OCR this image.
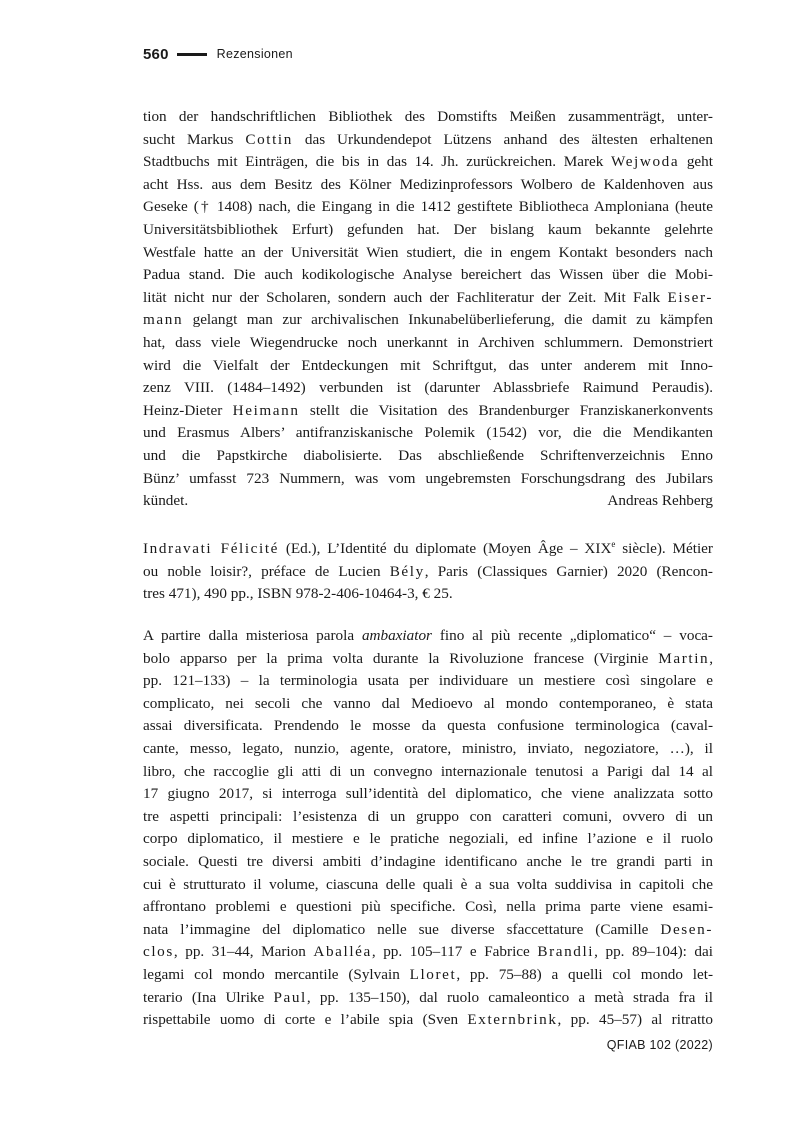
560	Rezensionen
tion der handschriftlichen Bibliothek des Domstifts Meißen zusammenträgt, unter-
sucht Markus Cottin das Urkundendepot Lützens anhand des ältesten erhaltenen
Stadtbuchs mit Einträgen, die bis in das 14. Jh. zurückreichen. Marek Wejwoda geht
acht Hss. aus dem Besitz des Kölner Medizinprofessors Wolbero de Kaldenhoven aus
Geseke († 1408) nach, die Eingang in die 1412 gestiftete Bibliotheca Amploniana (heute
Universitätsbibliothek Erfurt) gefunden hat. Der bislang kaum bekannte gelehrte
Westfale hatte an der Universität Wien studiert, die in engem Kontakt besonders nach
Padua stand. Die auch kodikologische Analyse bereichert das Wissen über die Mobi-
lität nicht nur der Scholaren, sondern auch der Fachliteratur der Zeit. Mit Falk Eiser-
mann gelangt man zur archivalischen Inkunabelüberlieferung, die damit zu kämpfen
hat, dass viele Wiegendrucke noch unerkannt in Archiven schlummern. Demonstriert
wird die Vielfalt der Entdeckungen mit Schriftgut, das unter anderem mit Inno-
zenz VIII. (1484–1492) verbunden ist (darunter Ablassbriefe Raimund Peraudis).
Heinz-Dieter Heimann stellt die Visitation des Brandenburger Franziskanerkonvents
und Erasmus Albers’ antifranziskanische Polemik (1542) vor, die die Mendikanten
und die Papstkirche diabolisierte. Das abschließende Schriftenverzeichnis Enno
Bünz’ umfasst 723 Nummern, was vom ungebremsten Forschungsdrang des Jubilars
kündet.	Andreas Rehberg
Indravati Félicité (Ed.), L’Identité du diplomate (Moyen Âge – XIXe siècle). Métier
ou noble loisir?, préface de Lucien Bély, Paris (Classiques Garnier) 2020 (Rencon-
tres 471), 490 pp., ISBN 978-2-406-10464-3, € 25.
A partire dalla misteriosa parola ambaxiator fino al più recente „diplomatico“ – voca-
bolo apparso per la prima volta durante la Rivoluzione francese (Virginie Martin,
pp. 121–133) – la terminologia usata per individuare un mestiere così singolare e
complicato, nei secoli che vanno dal Medioevo al mondo contemporaneo, è stata
assai diversificata. Prendendo le mosse da questa confusione terminologica (caval-
cante, messo, legato, nunzio, agente, oratore, ministro, inviato, negoziatore, …), il
libro, che raccoglie gli atti di un convegno internazionale tenutosi a Parigi dal 14 al
17 giugno 2017, si interroga sull’identità del diplomatico, che viene analizzata sotto
tre aspetti principali: l’esistenza di un gruppo con caratteri comuni, ovvero di un
corpo diplomatico, il mestiere e le pratiche negoziali, ed infine l’azione e il ruolo
sociale. Questi tre diversi ambiti d’indagine identificano anche le tre grandi parti in
cui è strutturato il volume, ciascuna delle quali è a sua volta suddivisa in capitoli che
affrontano problemi e questioni più specifiche. Così, nella prima parte viene esami-
nata l’immagine del diplomatico nelle sue diverse sfaccettature (Camille Desen-
clos, pp. 31–44, Marion Aballéa, pp. 105–117 e Fabrice Brandli, pp. 89–104): dai
legami col mondo mercantile (Sylvain Lloret, pp. 75–88) a quelli col mondo let-
terario (Ina Ulrike Paul, pp. 135–150), dal ruolo camaleontico a metà strada fra il
rispettabile uomo di corte e l’abile spia (Sven Externbrink, pp. 45–57) al ritratto
QFIAB 102 (2022)
